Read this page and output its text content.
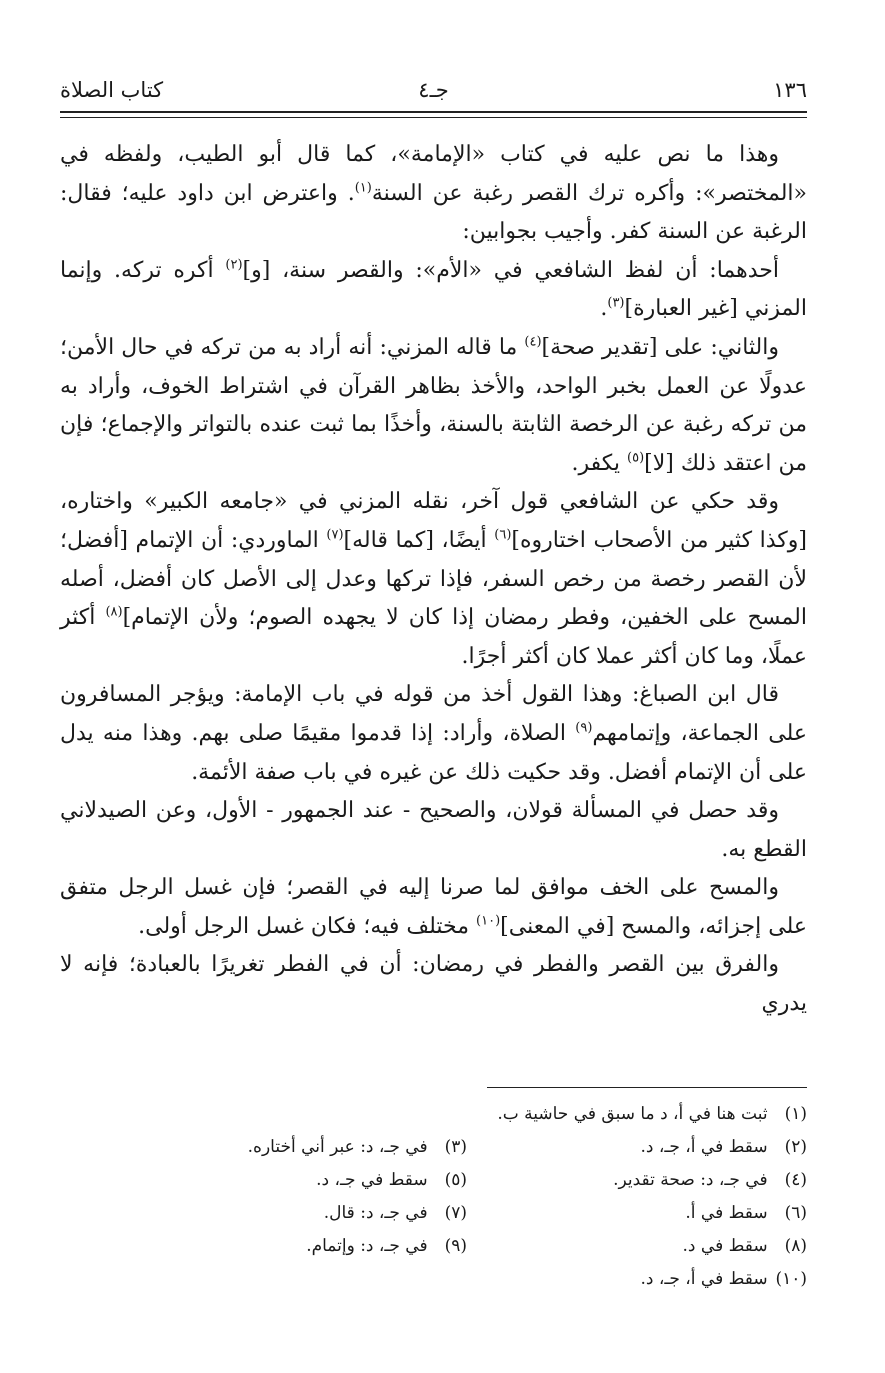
١٣٦
جـ٤
كتاب الصلاة

وهذا ما نص عليه في كتاب «الإمامة»، كما قال أبو الطيب، ولفظه في «المختصر»: وأكره ترك القصر رغبة عن السنة$^{(١)}$. واعترض ابن داود عليه؛ فقال: الرغبة عن السنة كفر. وأجيب بجوابين:

أحدهما: أن لفظ الشافعي في «الأم»: والقصر سنة، [و]$^{(٢)}$ أكره تركه. وإنما المزني [غير العبارة]$^{(٣)}$.

والثاني: على [تقدير صحة]$^{(٤)}$ ما قاله المزني: أنه أراد به من تركه في حال الأمن؛ عدولًا عن العمل بخبر الواحد، والأخذ بظاهر القرآن في اشتراط الخوف، وأراد به من تركه رغبة عن الرخصة الثابتة بالسنة، وأخذًا بما ثبت عنده بالتواتر والإجماع؛ فإن من اعتقد ذلك [لا]$^{(٥)}$ يكفر.

وقد حكي عن الشافعي قول آخر، نقله المزني في «جامعه الكبير» واختاره، [وكذا كثير من الأصحاب اختاروه]$^{(٦)}$ أيضًا، [كما قاله]$^{(٧)}$ الماوردي: أن الإتمام [أفضل؛ لأن القصر رخصة من رخص السفر، فإذا تركها وعدل إلى الأصل كان أفضل، أصله المسح على الخفين، وفطر رمضان إذا كان لا يجهده الصوم؛ ولأن الإتمام]$^{(٨)}$ أكثر عملًا، وما كان أكثر عملا كان أكثر أجرًا.

قال ابن الصباغ: وهذا القول أخذ من قوله في باب الإمامة: ويؤجر المسافرون على الجماعة، وإتمامهم$^{(٩)}$ الصلاة، وأراد: إذا قدموا مقيمًا صلى بهم. وهذا منه يدل على أن الإتمام أفضل. وقد حكيت ذلك عن غيره في باب صفة الأئمة.

وقد حصل في المسألة قولان، والصحيح - عند الجمهور - الأول، وعن الصيدلاني القطع به.

والمسح على الخف موافق لما صرنا إليه في القصر؛ فإن غسل الرجل متفق على إجزائه، والمسح [في المعنى]$^{(١٠)}$ مختلف فيه؛ فكان غسل الرجل أولى.

والفرق بين القصر والفطر في رمضان: أن في الفطر تغريرًا بالعبادة؛ فإنه لا يدري

(١) ثبت هنا في أ، د ما سبق في حاشية ب.
(٢) سقط في أ، جـ، د.
(٣) في جـ، د: عبر أني أختاره.
(٤) في جـ، د: صحة تقدير.
(٥) سقط في جـ، د.
(٦) سقط في أ.
(٧) في جـ، د: قال.
(٨) سقط في د.
(٩) في جـ، د: وإتمام.
(١٠) سقط في أ، جـ، د.
